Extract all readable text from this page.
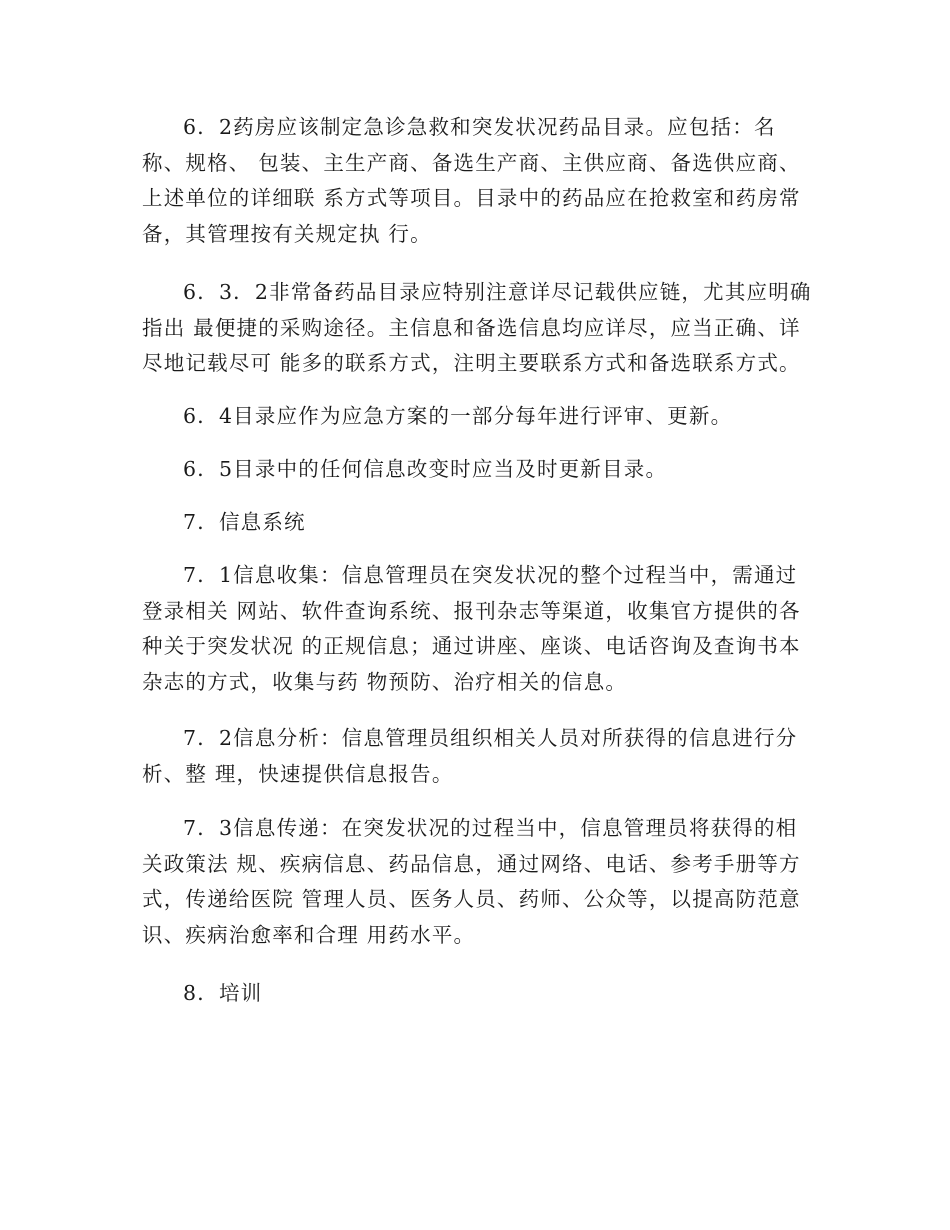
6．2药房应该制定急诊急救和突发状况药品目录。应包括：名
称、规格、 包装、主生产商、备选生产商、主供应商、备选供应商、
上述单位的详细联 系方式等项目。目录中的药品应在抢救室和药房常
备，其管理按有关规定执 行。
6．3．2非常备药品目录应特别注意详尽记载供应链，尤其应明确
指出 最便捷的采购途径。主信息和备选信息均应详尽，应当正确、详
尽地记载尽可 能多的联系方式，注明主要联系方式和备选联系方式。
6．4目录应作为应急方案的一部分每年进行评审、更新。
6．5目录中的任何信息改变时应当及时更新目录。
7．信息系统
7．1信息收集：信息管理员在突发状况的整个过程当中，需通过
登录相关 网站、软件查询系统、报刊杂志等渠道，收集官方提供的各
种关于突发状况 的正规信息；通过讲座、座谈、电话咨询及查询书本
杂志的方式，收集与药 物预防、治疗相关的信息。
7．2信息分析：信息管理员组织相关人员对所获得的信息进行分
析、整 理，快速提供信息报告。
7．3信息传递：在突发状况的过程当中，信息管理员将获得的相
关政策法 规、疾病信息、药品信息，通过网络、电话、参考手册等方
式，传递给医院 管理人员、医务人员、药师、公众等，以提高防范意
识、疾病治愈率和合理 用药水平。
8．培训
